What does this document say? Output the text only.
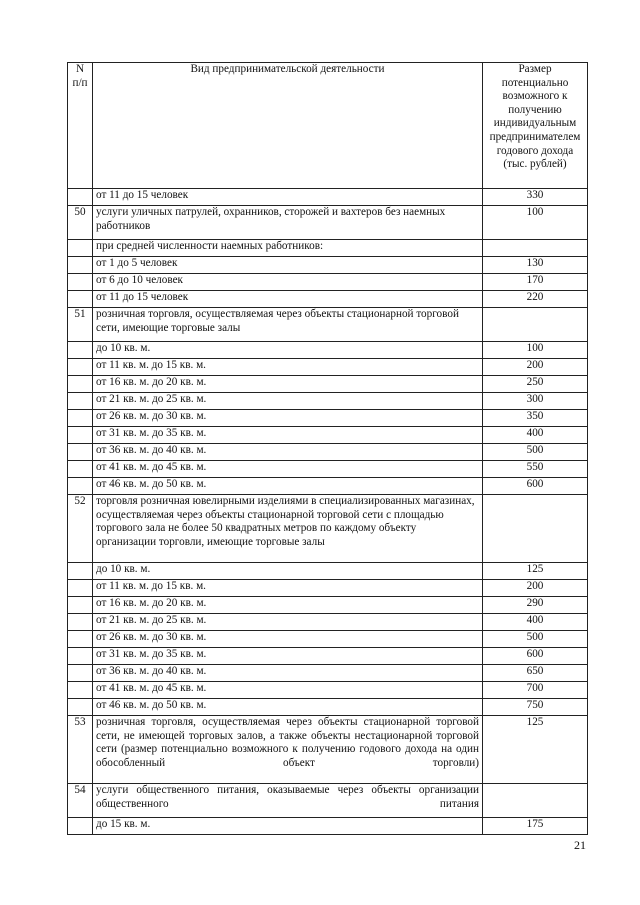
N п/п	Вид предпринимательской деятельности	Размер потенциально возможного к получению индивидуальным предпринимателем годового дохода (тыс. рублей)
	от 11 до 15 человек	330
50	услуги уличных патрулей, охранников, сторожей и вахтеров без наемных работников	100
	при средней численности наемных работников:	
	от 1 до 5 человек	130
	от 6 до 10 человек	170
	от 11 до 15 человек	220
51	розничная торговля, осуществляемая через объекты стационарной торговой сети, имеющие торговые залы	
	до 10 кв. м.	100
	от 11 кв. м. до 15 кв. м.	200
	от 16 кв. м. до 20 кв. м.	250
	от 21 кв. м. до 25 кв. м.	300
	от 26 кв. м. до 30 кв. м.	350
	от 31 кв. м. до 35 кв. м.	400
	от 36 кв. м. до 40 кв. м.	500
	от 41 кв. м. до 45 кв. м.	550
	от 46 кв. м. до 50 кв. м.	600
52	торговля розничная ювелирными изделиями в специализированных магазинах, осуществляемая через объекты стационарной торговой сети с площадью торгового зала не более 50 квадратных метров по каждому объекту организации торговли, имеющие торговые залы	
	до 10 кв. м.	125
	от 11 кв. м. до 15 кв. м.	200
	от 16 кв. м. до 20 кв. м.	290
	от 21 кв. м. до 25 кв. м.	400
	от 26 кв. м. до 30 кв. м.	500
	от 31 кв. м. до 35 кв. м.	600
	от 36 кв. м. до 40 кв. м.	650
	от 41 кв. м. до 45 кв. м.	700
	от 46 кв. м. до 50 кв. м.	750
53	розничная торговля, осуществляемая через объекты стационарной торговой сети, не имеющей торговых залов, а также объекты нестационарной торговой сети (размер потенциально возможного к получению годового дохода на один обособленный объект торговли)	125
54	услуги общественного питания, оказываемые через объекты организации общественного питания	
	до 15 кв. м.	175
21
